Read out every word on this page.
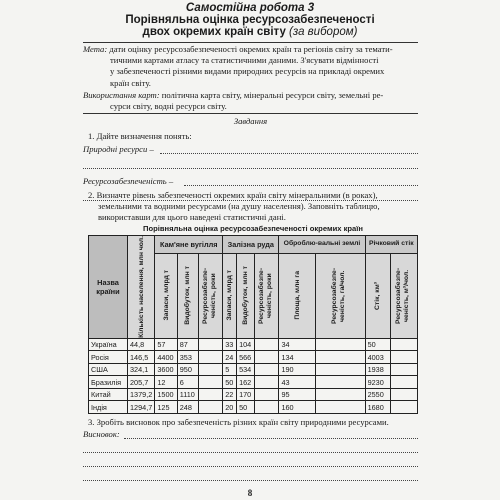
Самостійна робота 3
Порівняльна оцінка ресурсозабезпеченості
двох окремих країн світу (за вибором)
Мета: дати оцінку ресурсозабезпеченості окремих країн та регіонів світу за темати-
тичними картами атласу та статистичними даними. З'ясувати відмінності
у забезпеченості різними видами природних ресурсів на прикладі окремих
країн світу.
Використання карт: політична карта світу, мінеральні ресурси світу, земельні ре-
сурси світу, водні ресурси світу.
Завдання
1. Дайте визначення понять:
Природні ресурси –
Ресурсозабезпеченість –
2. Визначте рівень забезпеченості окремих країн світу мінеральними (в роках),
земельними та водними ресурсами (на душу населення). Заповніть таблицю,
використавши для цього наведені статистичні дані.
Порівняльна оцінка ресурсозабезпеченості окремих країн
Назва країни	Кількість населення, млн чол.	Кам'яне вугілля			Залізна руда			Оброблю-вальні землі		Річковий стік	

		Запаси, млрд т	Видобуток, млн т	Ресурсозабезпе-ченість, роки	Запаси, млрд т	Видобуток, млн т	Ресурсозабезпе-ченість, роки	Площа, млн га	Ресурсозабезпе-ченість, га/чол.	Стік, км³	Ресурсозабезпе-ченість, м³/чол.

Україна	44,8	57	87		33	104		34		50	
Росія	146,5	4400	353		24	566		134		4003	
США	324,1	3600	950		5	534		190		1938	
Бразилія	205,7	12	6		50	162		43		9230	
Китай	1379,2	1500	1110		22	170		95		2550	
Індія	1294,7	125	248		20	50		160		1680	
3. Зробіть висновок про забезпеченість різних країн світу природними ресурсами.
Висновок:
8
